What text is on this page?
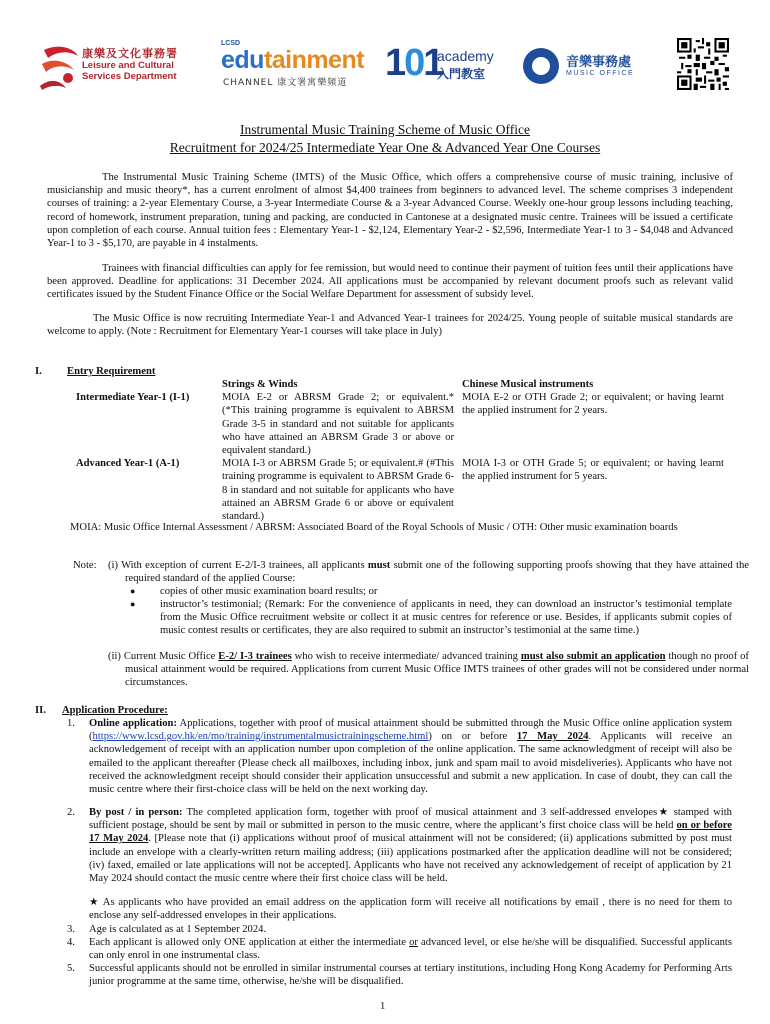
康樂及文化事務署
Leisure and Cultural
Services Department
LCSD
edutainment
CHANNEL 康文署寓樂頻道 101
academy
入門教室
音樂事務處
MUSIC OFFICE

Instrumental Music Training Scheme of Music Office

Recruitment for 2024/25 Intermediate Year One & Advanced Year One Courses

The Instrumental Music Training Scheme (IMTS) of the Music Office, which offers a comprehensive course of music training, inclusive of musicianship and music theory*, has a current enrolment of almost $4,400 trainees from beginners to advanced level. The scheme comprises 3 independent courses of training: a 2-year Elementary Course, a 3-year Intermediate Course & a 3-year Advanced Course. Weekly one-hour group lessons including teaching, record of homework, instrument preparation, tuning and packing, are conducted in Cantonese at a designated music centre. Trainees will be issued a certificate upon completion of each course. Annual tuition fees : Elementary Year-1 - $2,124, Elementary Year-2 - $2,596, Intermediate Year-1 to 3 - $4,048 and Advanced Year-1 to 3 - $5,170, are payable in 4 instalments.

Trainees with financial difficulties can apply for fee remission, but would need to continue their payment of tuition fees until their applications have been approved. Deadline for applications: 31 December 2024. All applications must be accompanied by relevant document proofs such as relevant valid certificates issued by the Student Finance Office or the Social Welfare Department for assessment of subsidy level.

The Music Office is now recruiting Intermediate Year-1 and Advanced Year-1 trainees for 2024/25. Young people of suitable musical standards are welcome to apply. (Note : Recruitment for Elementary Year-1 courses will take place in July)

I. Entry Requirement
	Strings & Winds	Chinese Musical instruments
Intermediate Year-1 (I-1)	MOIA E-2 or ABRSM Grade 2; or equivalent.* (*This training programme is equivalent to ABRSM Grade 3-5 in standard and not suitable for applicants who have attained an ABRSM Grade 3 or above or equivalent standard.)	MOIA E-2 or OTH Grade 2; or equivalent; or having learnt the applied instrument for 2 years.
Advanced Year-1 (A-1)	MOIA I-3 or ABRSM Grade 5; or equivalent.# (#This training programme is equivalent to ABRSM Grade 6-8 in standard and not suitable for applicants who have attained an ABRSM Grade 6 or above or equivalent standard.)	MOIA I-3 or OTH Grade 5; or equivalent; or having learnt the applied instrument for 5 years.

MOIA: Music Office Internal Assessment / ABRSM: Associated Board of the Royal Schools of Music / OTH: Other music examination boards

Note: (i) With exception of current E-2/I-3 trainees, all applicants must submit one of the following supporting proofs showing that they have attained the required standard of the applied Course:

● copies of other music examination board results; or

● instructor’s testimonial; (Remark: For the convenience of applicants in need, they can download an instructor’s testimonial template from the Music Office recruitment website or collect it at music centres for reference or use. Besides, if applicants submit copies of music contest results or certificates, they are also required to submit an instructor’s testimonial at the same time.)

(ii) Current Music Office E-2/ I-3 trainees who wish to receive intermediate/ advanced training must also submit an application though no proof of musical attainment would be required. Applications from current Music Office IMTS trainees of other grades will not be considered under normal circumstances.

II. Application Procedure:
1. Online application: Applications, together with proof of musical attainment should be submitted through the Music Office online application system (https://www.lcsd.gov.hk/en/mo/training/instrumentalmusictrainingscheme.html) on or before 17 May 2024. Applicants will receive an acknowledgement of receipt with an application number upon completion of the online application. The same acknowledgment of receipt will also be emailed to the applicant thereafter (Please check all mailboxes, including inbox, junk and spam mail to avoid misdeliveries). Applicants who have not received the acknowledgment receipt should consider their application unsuccessful and submit a new application. In case of doubt, they can call the music centre where their first-choice class will be held on the next working day.

2. By post / in person: The completed application form, together with proof of musical attainment and 3 self-addressed envelopes★ stamped with sufficient postage, should be sent by mail or submitted in person to the music centre, where the applicant’s first choice class will be held on or before 17 May 2024. [Please note that (i) applications without proof of musical attainment will not be considered; (ii) applications submitted by post must include an envelope with a clearly-written return mailing address; (iii) applications postmarked after the application deadline will not be considered; (iv) faxed, emailed or late applications will not be accepted]. Applicants who have not received any acknowledgement of receipt of application by 21 May 2024 should contact the music centre where their first choice class will be held.

★ As applicants who have provided an email address on the application form will receive all notifications by email , there is no need for them to enclose any self-addressed envelopes in their applications.

3. Age is calculated as at 1 September 2024.

4. Each applicant is allowed only ONE application at either the intermediate or advanced level, or else he/she will be disqualified. Successful applicants can only enrol in one instrumental class.

5. Successful applicants should not be enrolled in similar instrumental courses at tertiary institutions, including Hong Kong Academy for Performing Arts junior programme at the same time, otherwise, he/she will be disqualified.

1
